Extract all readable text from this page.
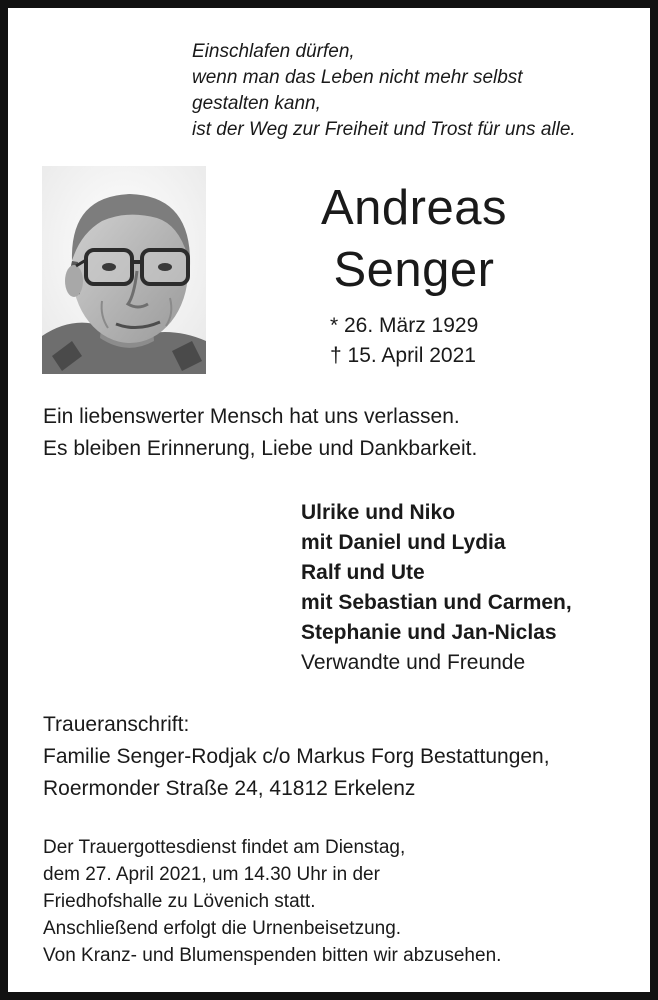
Einschlafen dürfen,
wenn man das Leben nicht mehr selbst
gestalten kann,
ist der Weg zur Freiheit und Trost für uns alle.
Andreas
Senger
* 26. März 1929
† 15. April 2021
Ein liebenswerter Mensch hat uns verlassen.
Es bleiben Erinnerung, Liebe und Dankbarkeit.
Ulrike und Niko
mit Daniel und Lydia
Ralf und Ute
mit Sebastian und Carmen,
Stephanie und Jan-Niclas
Verwandte und Freunde
Traueranschrift:
Familie Senger-Rodjak c/o Markus Forg Bestattungen,
Roermonder Straße 24, 41812 Erkelenz
Der Trauergottesdienst findet am Dienstag,
dem 27. April 2021, um 14.30 Uhr in der
Friedhofshalle zu Lövenich statt.
Anschließend erfolgt die Urnenbeisetzung.
Von Kranz- und Blumenspenden bitten wir abzusehen.
